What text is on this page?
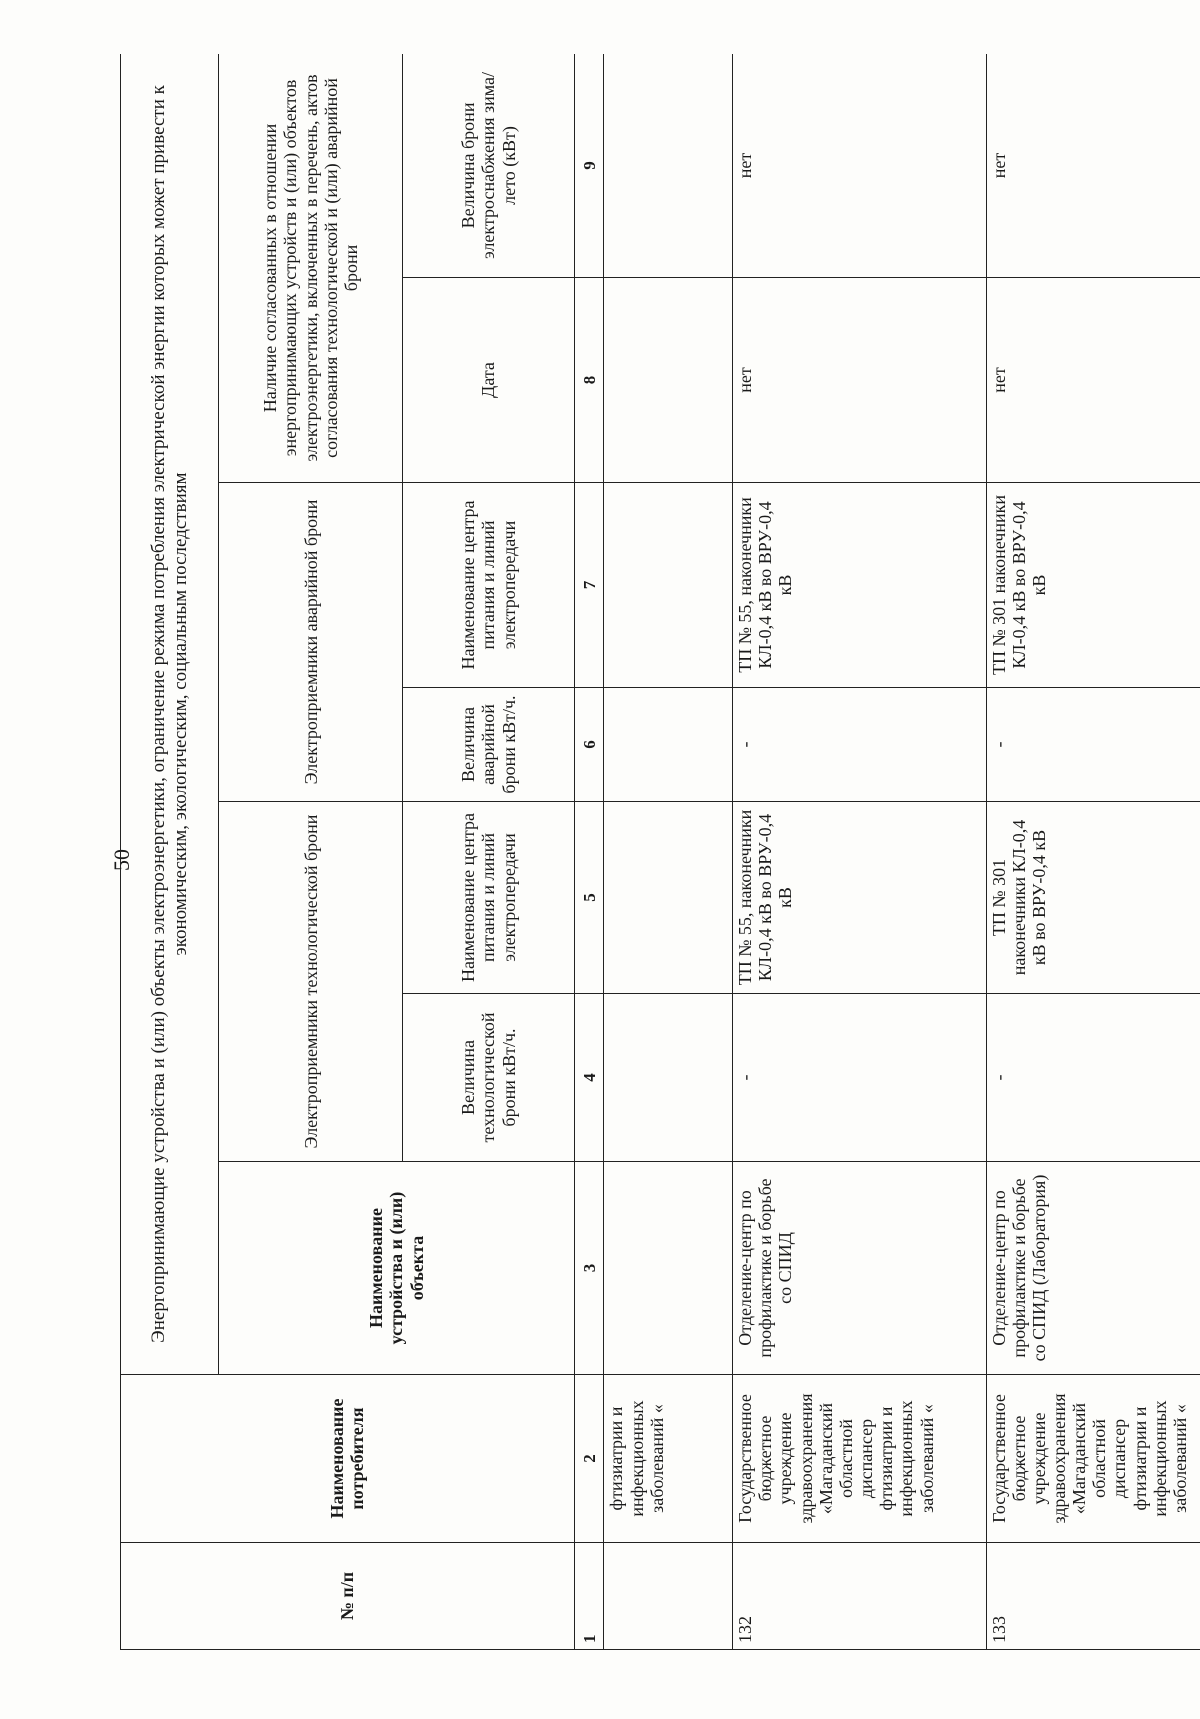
50
№ п/п	Наименование потребителя	Энергопринимающие устройства и (или) объекты электроэнергетики, ограничение режима потребления электрической энергии которых может привести к экономическим, экологическим, социальным последствиям						
		Наименование устройства и (или) объекта	Электроприемники технологической брони		Электроприемники аварийной брони		Наличие согласованных в отношении энергопринимающих устройств и (или) объектов электроэнергетики, включенных в перечень, актов согласования технологической и (или) аварийной брони	
			Величина технологической брони кВт/ч.	Наименование центра питания и линий электропередачи	Величина аварийной брони кВт/ч.	Наименование центра питания и линий электропередачи	Дата	Величина брони электроснабжения зима/лето (кВт)
1	2	3	4	5	6	7	8	9
	фтизиатрии и инфекционных заболеваний «							
132	Государственное бюджетное учреждение здравоохранения «Магаданский областной диспансер фтизиатрии и инфекционных заболеваний «	Отделение-центр по профилактике и борьбе со СПИД	-	ТП № 55, наконечники КЛ-0,4 кВ во ВРУ-0,4 кВ	-	ТП № 55, наконечники КЛ-0,4 кВ во ВРУ-0,4 кВ	нет	нет
133	Государственное бюджетное учреждение здравоохранения «Магаданский областной диспансер фтизиатрии и инфекционных заболеваний «	Отделение-центр по профилактике и борьбе со СПИД (Лаборатория)	-	ТП № 301 наконечники КЛ-0,4 кВ во ВРУ-0,4 кВ	-	ТП № 301 наконечники КЛ-0,4 кВ во ВРУ-0,4 кВ	нет	нет
